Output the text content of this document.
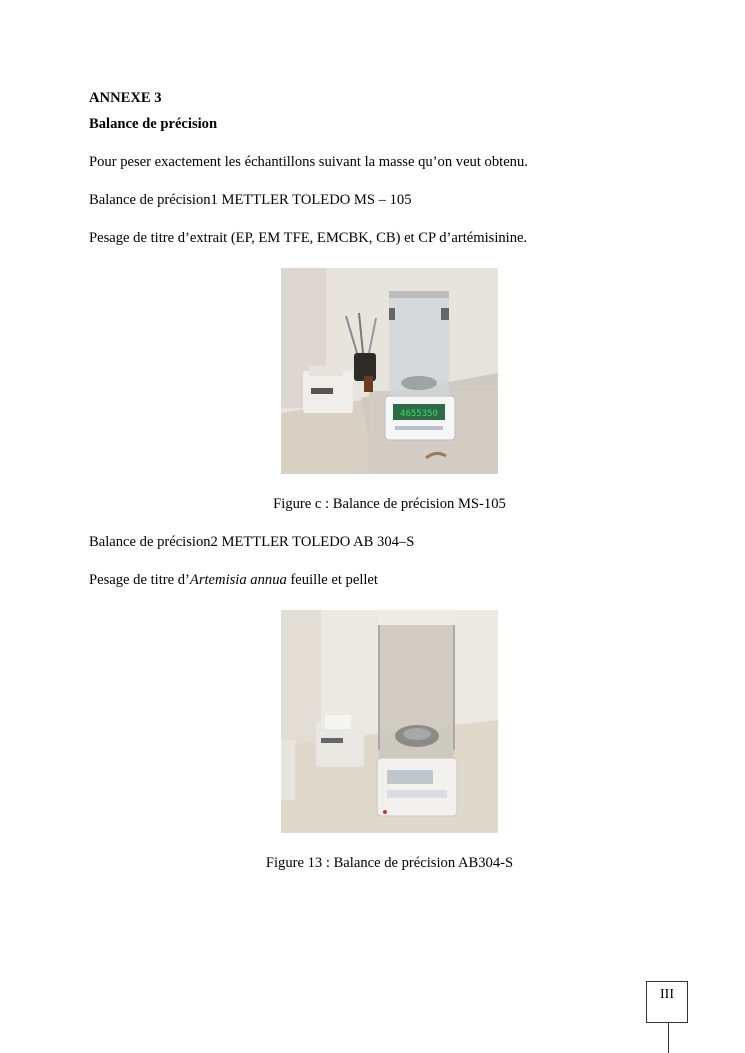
ANNEXE 3
Balance de précision
Pour peser exactement les échantillons suivant la masse qu’on veut obtenu.
Balance de précision1 METTLER TOLEDO MS – 105
Pesage de titre d’extrait (EP, EM TFE, EMCBK, CB) et CP d’artémisinine.
4655350
Figure c : Balance de précision MS-105
Balance de précision2 METTLER TOLEDO AB 304–S
Pesage de titre d’Artemisia annua feuille et pellet
Figure 13 : Balance de précision AB304-S
III
